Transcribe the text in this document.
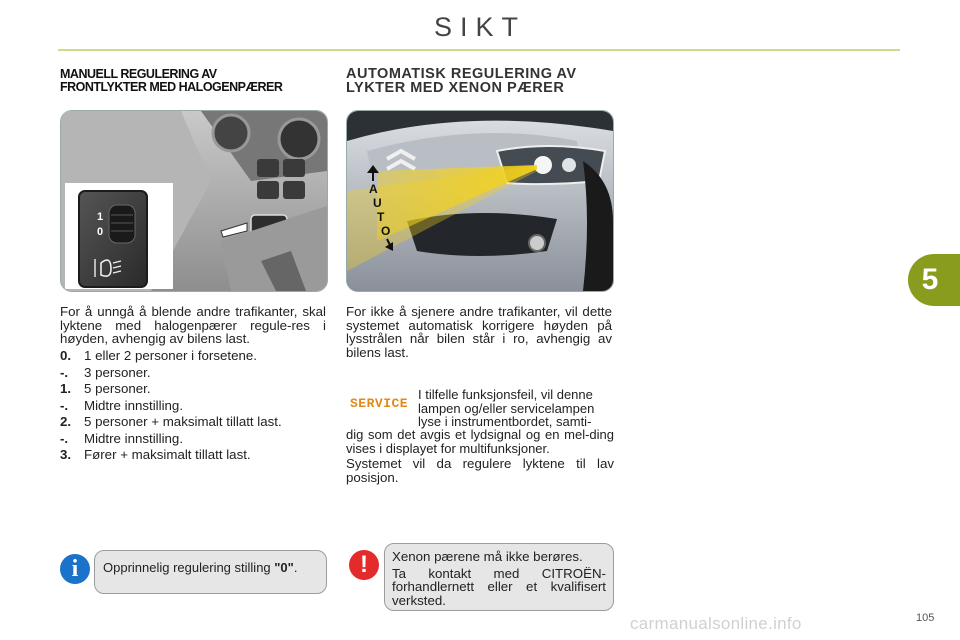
SIKT
MANUELL REGULERING AV
FRONTLYKTER MED HALOGENPÆRER
AUTOMATISK REGULERING AV
LYKTER MED XENON PÆRER
1
0
A
U
T
O
For å unngå å blende andre trafikanter, skal lyktene med halogenpærer regule-res i høyden, avhengig av bilens last.
0. 1 eller 2 personer i forsetene.
-.	3 personer.
1. 5 personer.
-.	Midtre innstilling.
2. 5 personer + maksimalt tillatt last.
-.	Midtre innstilling.
3. Fører + maksimalt tillatt last.
i	Opprinnelig regulering stilling "0".
For ikke å sjenere andre trafikanter, vil dette systemet automatisk korrigere høyden på lysstrålen når bilen står i ro, avhengig av bilens last.
SERVICE
I tilfelle funksjonsfeil, vil denne
lampen og/eller servicelampen
lyse i instrumentbordet, samti-
dig som det avgis et lydsignal og en mel-ding vises i displayet for multifunksjoner.
Systemet vil da regulere lyktene til lav posisjon.
!	Xenon pærene må ikke berøres.
Ta kontakt med CITROËN-forhandlernett eller et kvalifisert verksted.
5
carmanualsonline.info	105
